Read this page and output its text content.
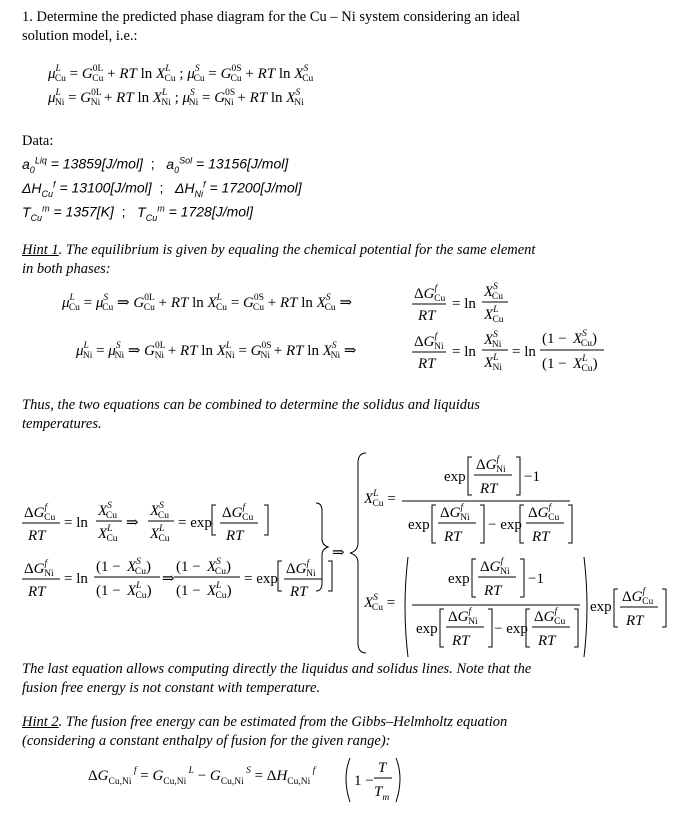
1. Determine the predicted phase diagram for the Cu – Ni system considering an ideal
solution model, i.e.:
$\mu^L$ $Cu = G^{0L}$ Cu + RT $\ln X^L$ Cu ; $\mu^S$ $Cu = G^{0S}$ Cu + RT $\ln X^S$ Cu
$\mu^L$ $Ni = G^{0L}$ Ni + RT $\ln X^L$ Ni ; $\mu^S$ $Ni = G^{0S}$ Ni + RT $\ln X^S$ Ni
Data:
$a_0^{Liq} = 13859[J/mol]$  ;   $a_0^{Sol} = 13156[J/mol]$
$\Delta H_{Cu}^f = 13100[J/mol]$  ;   $\Delta H_{Ni}^f = 17200[J/mol]$
$T_{Cu}^m = 1357[K]$  ;   $T_{Cu}^m = 1728[J/mol]$
Hint 1. The equilibrium is given by equaling the chemical potential for the same element
in both phases:
$\mu^L$ $Cu = \mu^S$ Cu ⇒ $G^{0L}$ Cu + RT $\ln X^L$ $Cu = G^{0S}$ Cu + RT $\ln X^S$ Cu ⇒
$\Delta G^f$ Cu
RT
= ln
$X^S$ Cu
$X^L$ Cu
$\mu^L$ $Ni = \mu^S$ Ni ⇒ $G^{0L}$ Ni + RT $\ln X^L$ $Ni = G^{0S}$ Ni + RT $\ln X^S$ Ni ⇒
$\Delta G^f$ Ni
RT
= ln
$X^S$ Ni
$X^L$ Ni
= ln
($1 - X^S$ Cu)
($1 - X^L$ Cu)
Thus, the two equations can be combined to determine the solidus and liquidus
temperatures.
$\Delta G^f$ Cu
RT
= ln
$X^S$ Cu
$X^L$ Cu
⇒
$X^S$ Cu
$X^L$ Cu
= exp
$\Delta G^f$ Cu
RT
$\Delta G^f$ Ni
RT
= ln
($1 - X^S$ Cu)
($1 - X^L$ Cu)
⇒
($1 - X^S$ Cu)
($1 - X^L$ Cu)
= exp
$\Delta G^f$ Ni
RT
⇒
$X^L$ Cu =
exp
$\Delta G^f$ Ni
RT
−1
exp
$\Delta G^f$ Ni
RT
− exp
$\Delta G^f$ Cu
RT
$X^S$ Cu =
exp
$\Delta G^f$ Ni
RT
−1
exp
$\Delta G^f$ Ni
RT
− exp
$\Delta G^f$ Cu
RT
exp
$\Delta G^f$ Cu
RT
The last equation allows computing directly the liquidus and solidus lines. Note that the
fusion free energy is not constant with temperature.
Hint 2. The fusion free energy can be estimated from the Gibbs–Helmholtz equation
(considering a constant enthalpy of fusion for the given range):
$\Delta G_{Cu,Ni}$ $^f = G_{Cu,Ni}$ $^L - G_{Cu,Ni}$ $^S = \Delta H_{Cu,Ni}$ $^f$
1 −
T
$T_m$
